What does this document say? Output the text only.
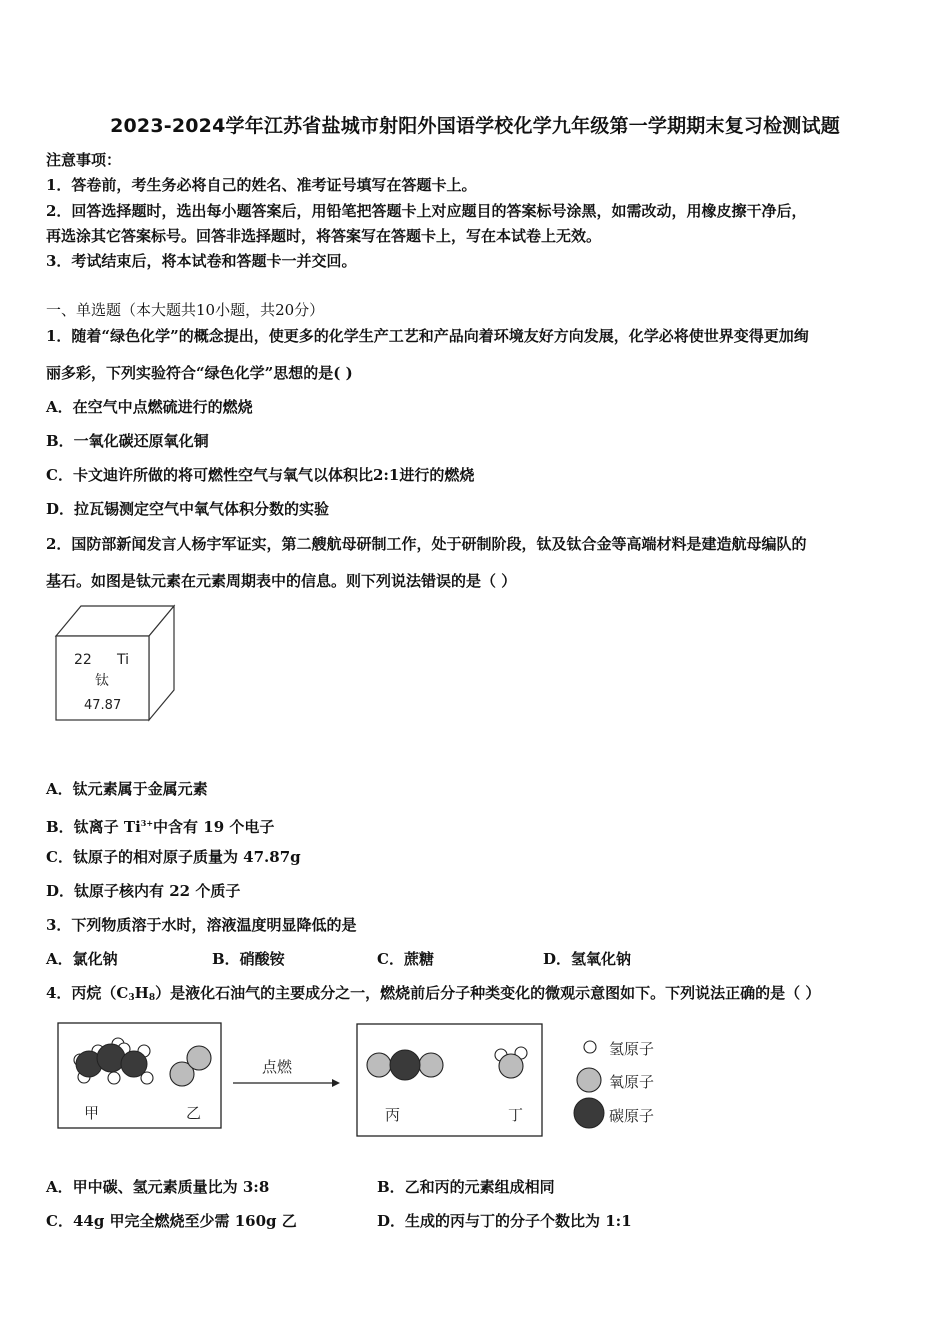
2023-2024学年江苏省盐城市射阳外国语学校化学九年级第一学期期末复习检测试题
注意事项：
1．答卷前，考生务必将自己的姓名、准考证号填写在答题卡上。
2．回答选择题时，选出每小题答案后，用铅笔把答题卡上对应题目的答案标号涂黑，如需改动，用橡皮擦干净后，
再选涂其它答案标号。回答非选择题时，将答案写在答题卡上，写在本试卷上无效。
3．考试结束后，将本试卷和答题卡一并交回。
一、单选题（本大题共10小题，共20分）
1．随着“绿色化学”的概念提出，使更多的化学生产工艺和产品向着环境友好方向发展，化学必将使世界变得更加绚
丽多彩，下列实验符合“绿色化学”思想的是( )
A．在空气中点燃硫进行的燃烧
B．一氧化碳还原氧化铜
C．卡文迪许所做的将可燃性空气与氧气以体积比2:1进行的燃烧
D．拉瓦锡测定空气中氧气体积分数的实验
2．国防部新闻发言人杨宇军证实，第二艘航母研制工作，处于研制阶段，钛及钛合金等高端材料是建造航母编队的
基石。如图是钛元素在元素周期表中的信息。则下列说法错误的是（ ）
22 Ti
钛
47.87
A．钛元素属于金属元素
B．钛离子 $Ti^{3+}$中含有 19 个电子
C．钛原子的相对原子质量为 47.87g
D．钛原子核内有 22 个质子
3．下列物质溶于水时，溶液温度明显降低的是
A．氯化钠	B．硝酸铵	C．蔗糖	D．氢氧化钠
4．丙烷$(C_3H_8)$是液化石油气的主要成分之一，燃烧前后分子种类变化的微观示意图如下。下列说法正确的是（ ）
甲	乙
点燃
丙	丁
氢原子
氧原子
碳原子
A．甲中碳、氢元素质量比为 3:8	B．乙和丙的元素组成相同
C．44g 甲完全燃烧至少需 160g 乙	D．生成的丙与丁的分子个数比为 1:1
